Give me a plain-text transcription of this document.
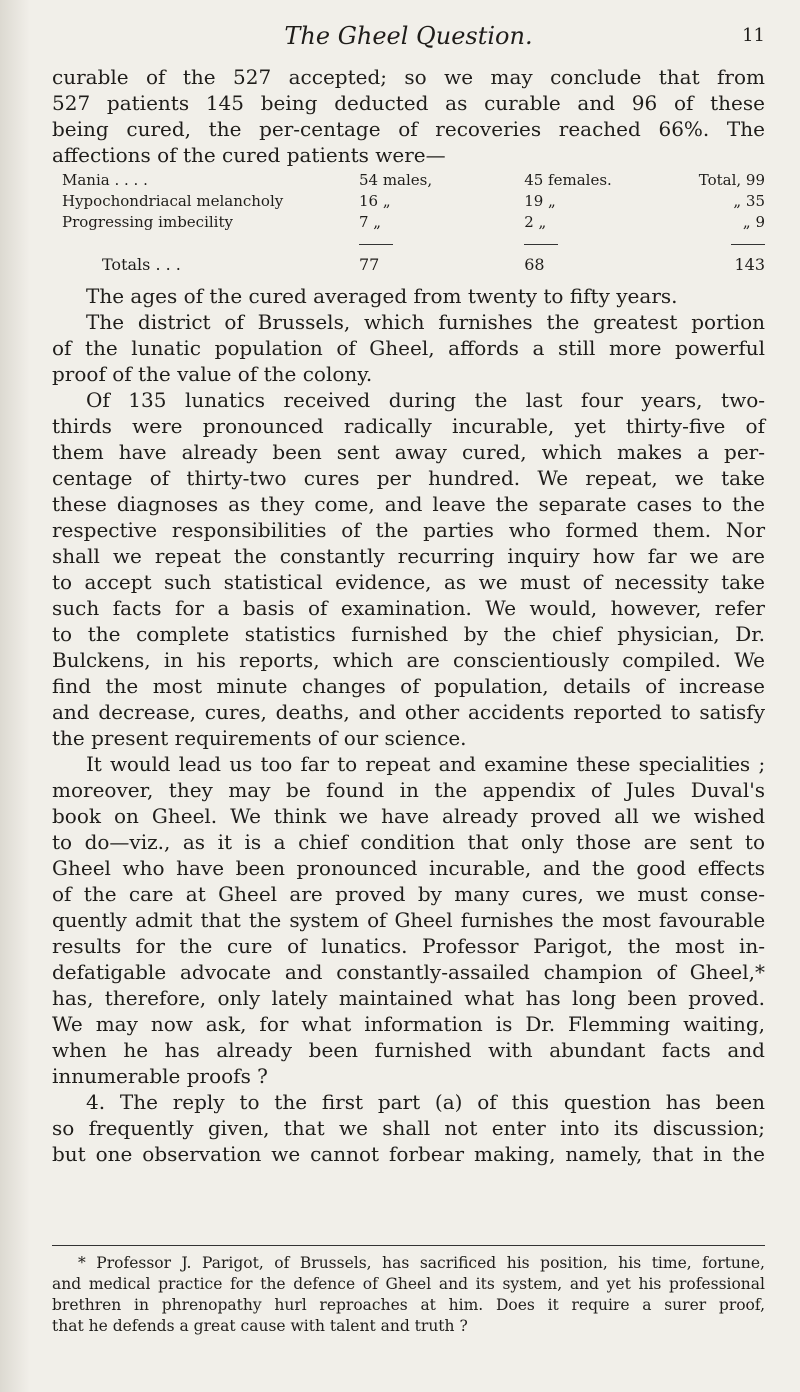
The Gheel Question.	11
curable of the 527 accepted; so we may conclude that from
527 patients 145 being deducted as curable and 96 of these
being cured, the per-centage of recoveries reached 66%. The
affections of the cured patients were—
Mania . . . .	54 males,	45 females.	Total, 99
Hypochondriacal melancholy	16 „	19 „	„ 35
Progressing imbecility	7 „	2 „	„ 9

Totals . . .	77	68	143
The ages of the cured averaged from twenty to fifty years.
The district of Brussels, which furnishes the greatest portion
of the lunatic population of Gheel, affords a still more powerful
proof of the value of the colony.
Of 135 lunatics received during the last four years, two-
thirds were pronounced radically incurable, yet thirty-five of
them have already been sent away cured, which makes a per-
centage of thirty-two cures per hundred. We repeat, we take
these diagnoses as they come, and leave the separate cases to the
respective responsibilities of the parties who formed them. Nor
shall we repeat the constantly recurring inquiry how far we are
to accept such statistical evidence, as we must of necessity take
such facts for a basis of examination. We would, however, refer
to the complete statistics furnished by the chief physician, Dr.
Bulckens, in his reports, which are conscientiously compiled. We
find the most minute changes of population, details of increase
and decrease, cures, deaths, and other accidents reported to satisfy
the present requirements of our science.
It would lead us too far to repeat and examine these specialities ;
moreover, they may be found in the appendix of Jules Duval's
book on Gheel. We think we have already proved all we wished
to do—viz., as it is a chief condition that only those are sent to
Gheel who have been pronounced incurable, and the good effects
of the care at Gheel are proved by many cures, we must conse-
quently admit that the system of Gheel furnishes the most favourable
results for the cure of lunatics. Professor Parigot, the most in-
defatigable advocate and constantly-assailed champion of Gheel,*
has, therefore, only lately maintained what has long been proved.
We may now ask, for what information is Dr. Flemming waiting,
when he has already been furnished with abundant facts and
innumerable proofs ?
4. The reply to the first part (a) of this question has been
so frequently given, that we shall not enter into its discussion;
but one observation we cannot forbear making, namely, that in the
* Professor J. Parigot, of Brussels, has sacrificed his position, his time, fortune,
and medical practice for the defence of Gheel and its system, and yet his professional
brethren in phrenopathy hurl reproaches at him. Does it require a surer proof,
that he defends a great cause with talent and truth ?
